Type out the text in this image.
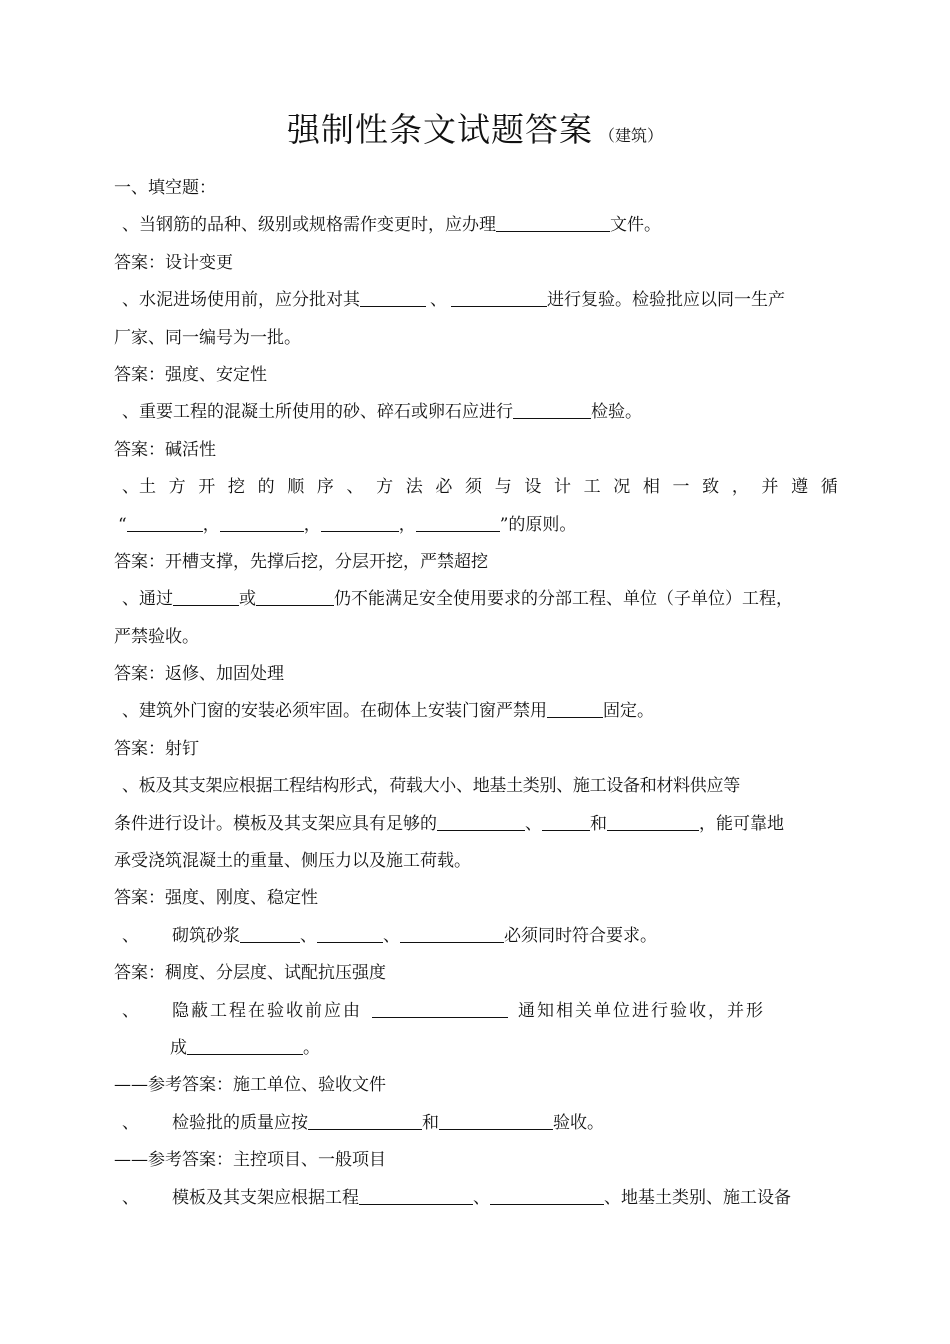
强制性条文试题答案 （建筑）
一、填空题：
、当钢筋的品种、级别或规格需作变更时，应办理	文件。
答案：设计变更
、水泥进场使用前，应分批对其	、	进行复验。检验批应以同一生产
厂家、同一编号为一批。
答案：强度、安定性
、重要工程的混凝土所使用的砂、碎石或卵石应进行	检验。
答案：碱活性
、土 方 开 挖 的 顺 序 、 方 法 必 须 与 设 计 工 况 相 一 致 ， 并 遵 循
“	，	，	，	”的原则。
答案：开槽支撑，先撑后挖，分层开挖，严禁超挖
、通过	或	仍不能满足安全使用要求的分部工程、单位（子单位）工程，
严禁验收。
答案：返修、加固处理
、建筑外门窗的安装必须牢固。在砌体上安装门窗严禁用	固定。
答案：射钉
、板及其支架应根据工程结构形式，荷载大小、地基土类别、施工设备和材料供应等
条件进行设计。模板及其支架应具有足够的	、	和	，能可靠地
承受浇筑混凝土的重量、侧压力以及施工荷载。
答案：强度、刚度、稳定性
、 砌筑砂浆	、	、	必须同时符合要求。
答案：稠度、分层度、试配抗压强度
、 隐蔽工程在验收前应由	通知相关单位进行验收，并形
成	。
——参考答案：施工单位、验收文件
、 检验批的质量应按	和	验收。
——参考答案：主控项目、一般项目
、 模板及其支架应根据工程	、	、地基土类别、施工设备
